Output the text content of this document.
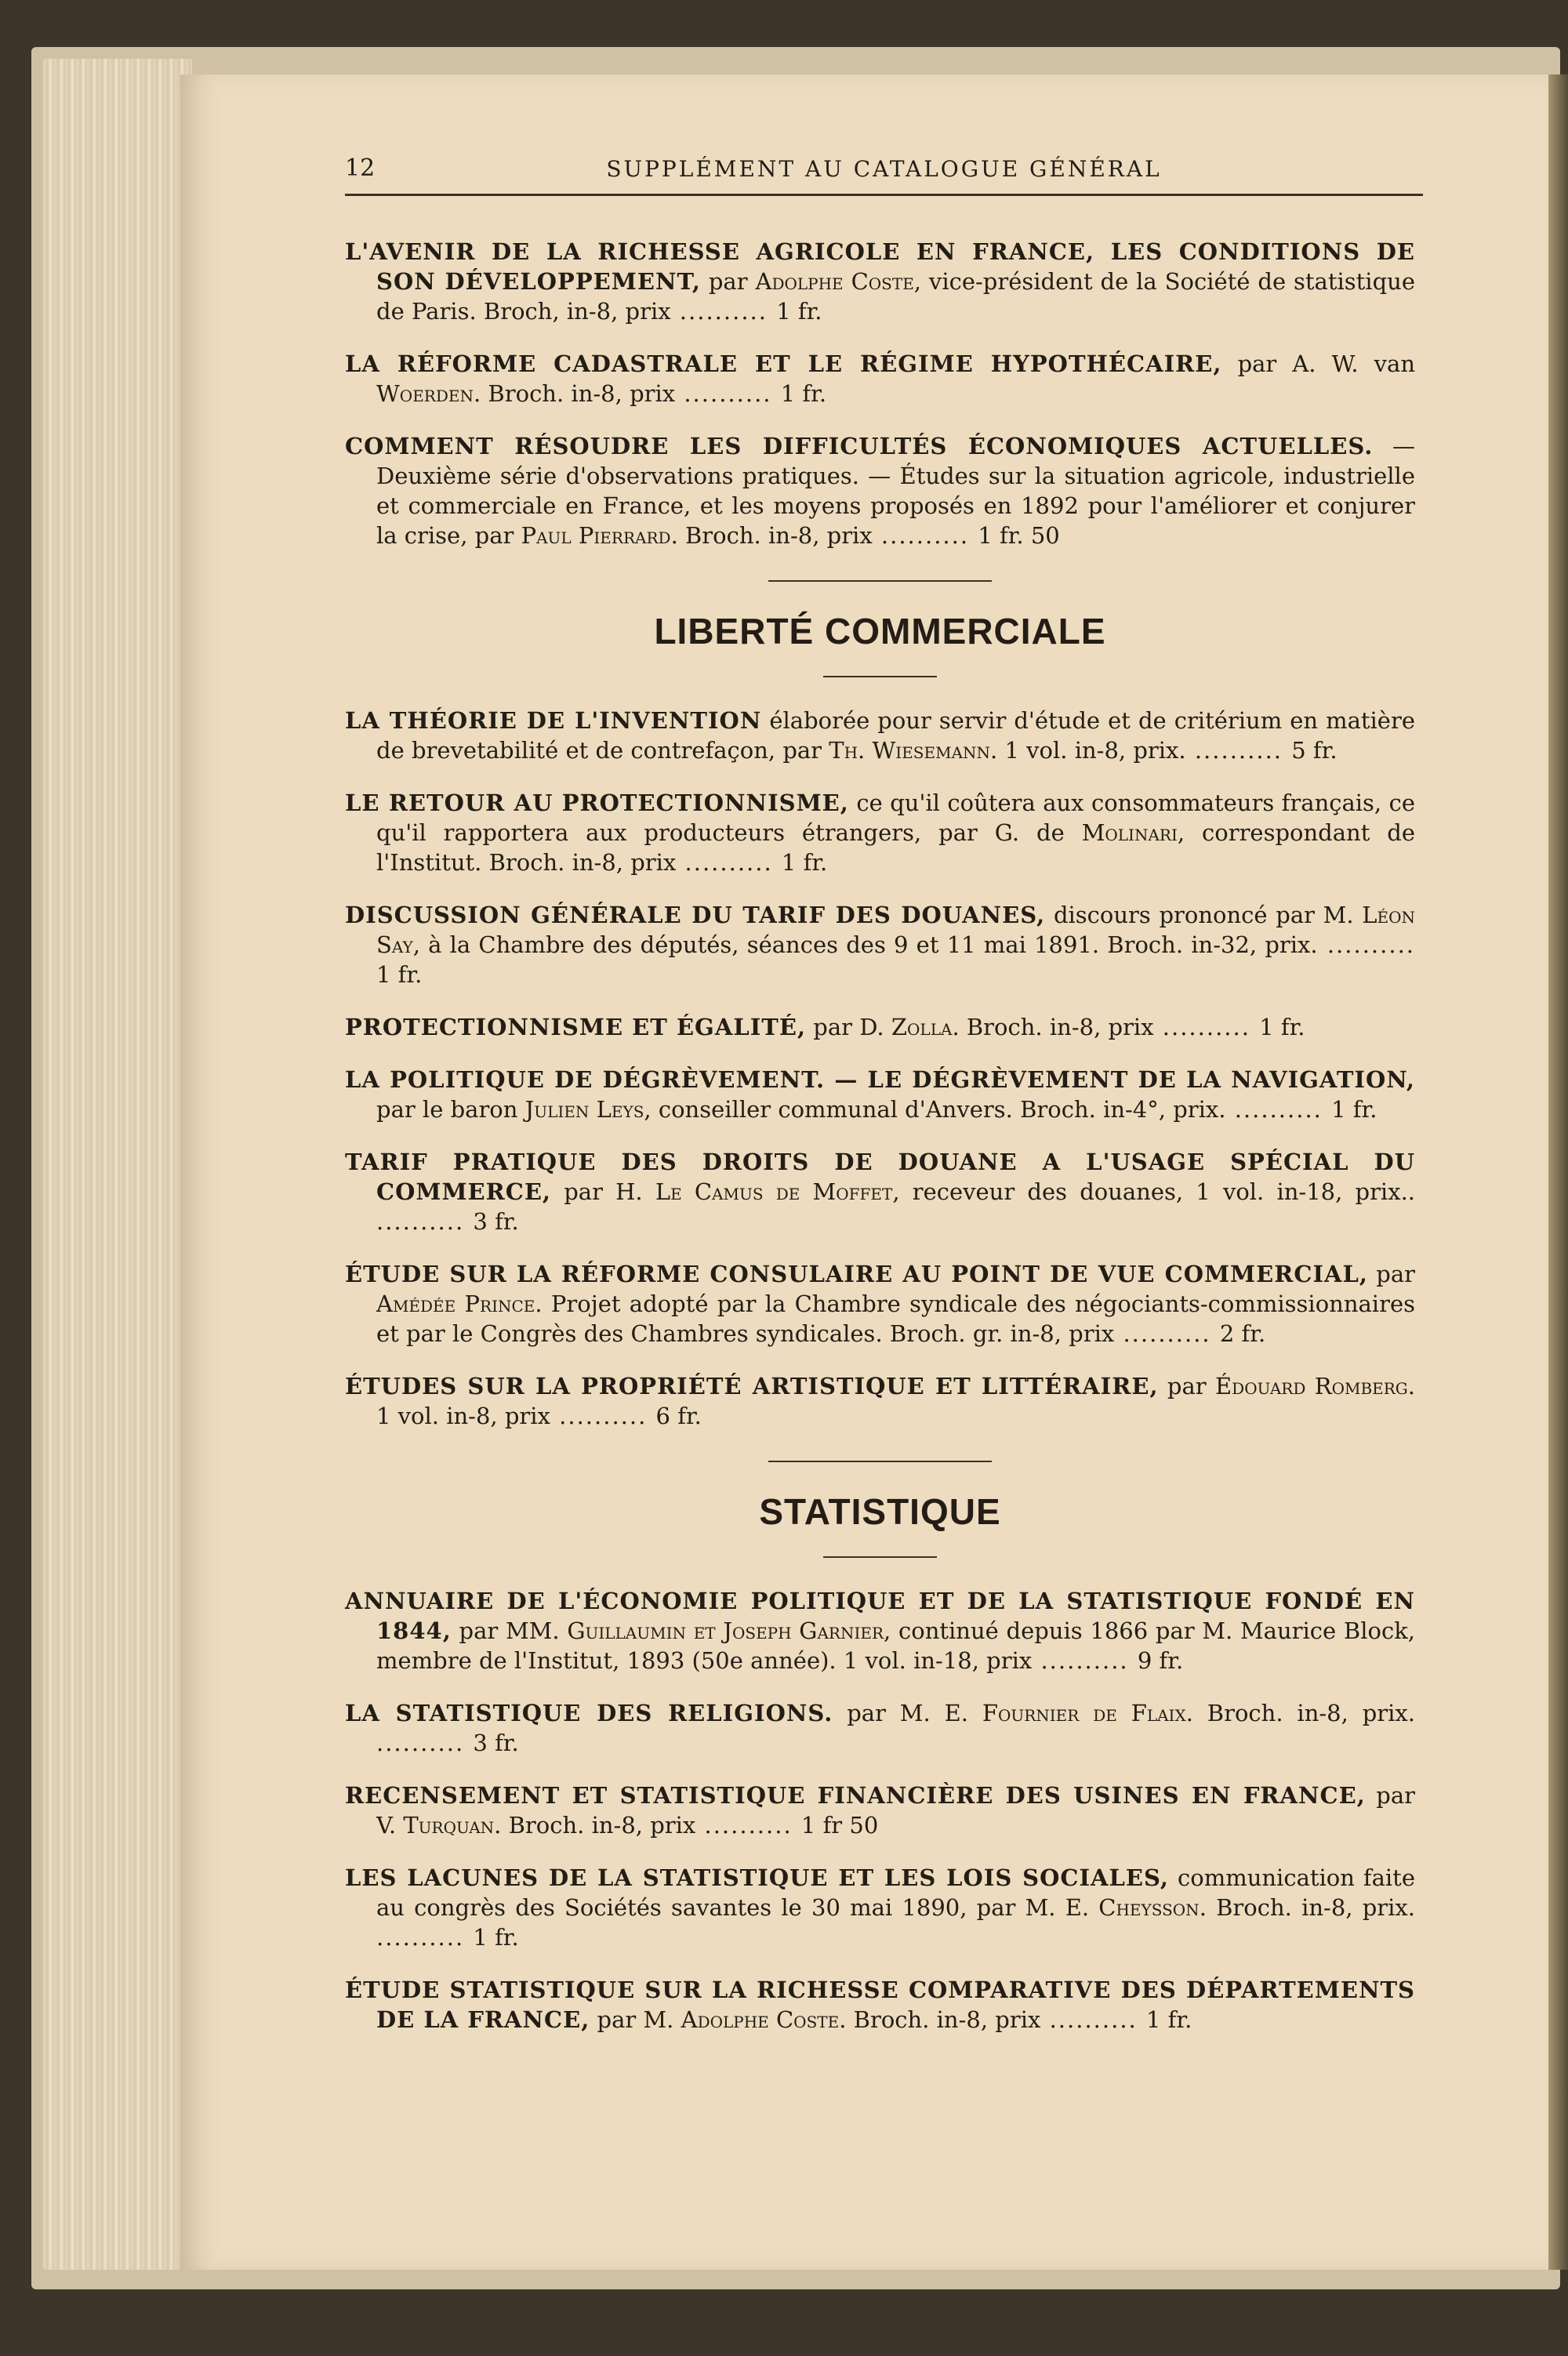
12	SUPPLÉMENT AU CATALOGUE GÉNÉRAL

L'AVENIR DE LA RICHESSE AGRICOLE EN FRANCE, LES CONDITIONS DE SON DÉVELOPPEMENT, par Adolphe Coste, vice-président de la Société de statistique de Paris. Broch, in-8, prix .......... 1 fr.

LA RÉFORME CADASTRALE ET LE RÉGIME HYPOTHÉCAIRE, par A. W. van Woerden. Broch. in-8, prix .......... 1 fr.

COMMENT RÉSOUDRE LES DIFFICULTÉS ÉCONOMIQUES ACTUELLES. — Deuxième série d'observations pratiques. — Études sur la situation agricole, industrielle et commerciale en France, et les moyens proposés en 1892 pour l'améliorer et conjurer la crise, par Paul Pierrard. Broch. in-8, prix .......... 1 fr. 50

LIBERTÉ COMMERCIALE

LA THÉORIE DE L'INVENTION élaborée pour servir d'étude et de critérium en matière de brevetabilité et de contrefaçon, par Th. Wiesemann. 1 vol. in-8, prix. .......... 5 fr.

LE RETOUR AU PROTECTIONNISME, ce qu'il coûtera aux consommateurs français, ce qu'il rapportera aux producteurs étrangers, par G. de Molinari, correspondant de l'Institut. Broch. in-8, prix .......... 1 fr.

DISCUSSION GÉNÉRALE DU TARIF DES DOUANES, discours prononcé par M. Léon Say, à la Chambre des députés, séances des 9 et 11 mai 1891. Broch. in-32, prix. .......... 1 fr.

PROTECTIONNISME ET ÉGALITÉ, par D. Zolla. Broch. in-8, prix .......... 1 fr.

LA POLITIQUE DE DÉGRÈVEMENT. — LE DÉGRÈVEMENT DE LA NAVIGATION, par le baron Julien Leys, conseiller communal d'Anvers. Broch. in-4°, prix. .......... 1 fr.

TARIF PRATIQUE DES DROITS DE DOUANE A L'USAGE SPÉCIAL DU COMMERCE, par H. Le Camus de Moffet, receveur des douanes, 1 vol. in-18, prix.. .......... 3 fr.

ÉTUDE SUR LA RÉFORME CONSULAIRE AU POINT DE VUE COMMERCIAL, par Amédée Prince. Projet adopté par la Chambre syndicale des négociants-commissionnaires et par le Congrès des Chambres syndicales. Broch. gr. in-8, prix .......... 2 fr.

ÉTUDES SUR LA PROPRIÉTÉ ARTISTIQUE ET LITTÉRAIRE, par Édouard Romberg. 1 vol. in-8, prix .......... 6 fr.

STATISTIQUE

ANNUAIRE DE L'ÉCONOMIE POLITIQUE ET DE LA STATISTIQUE FONDÉ EN 1844, par MM. Guillaumin et Joseph Garnier, continué depuis 1866 par M. Maurice Block, membre de l'Institut, 1893 (50e année). 1 vol. in-18, prix .......... 9 fr.

LA STATISTIQUE DES RELIGIONS. par M. E. Fournier de Flaix. Broch. in-8, prix. .......... 3 fr.

RECENSEMENT ET STATISTIQUE FINANCIÈRE DES USINES EN FRANCE, par V. Turquan. Broch. in-8, prix .......... 1 fr 50

LES LACUNES DE LA STATISTIQUE ET LES LOIS SOCIALES, communication faite au congrès des Sociétés savantes le 30 mai 1890, par M. E. Cheysson. Broch. in-8, prix. .......... 1 fr.

ÉTUDE STATISTIQUE SUR LA RICHESSE COMPARATIVE DES DÉPARTEMENTS DE LA FRANCE, par M. Adolphe Coste. Broch. in-8, prix .......... 1 fr.
